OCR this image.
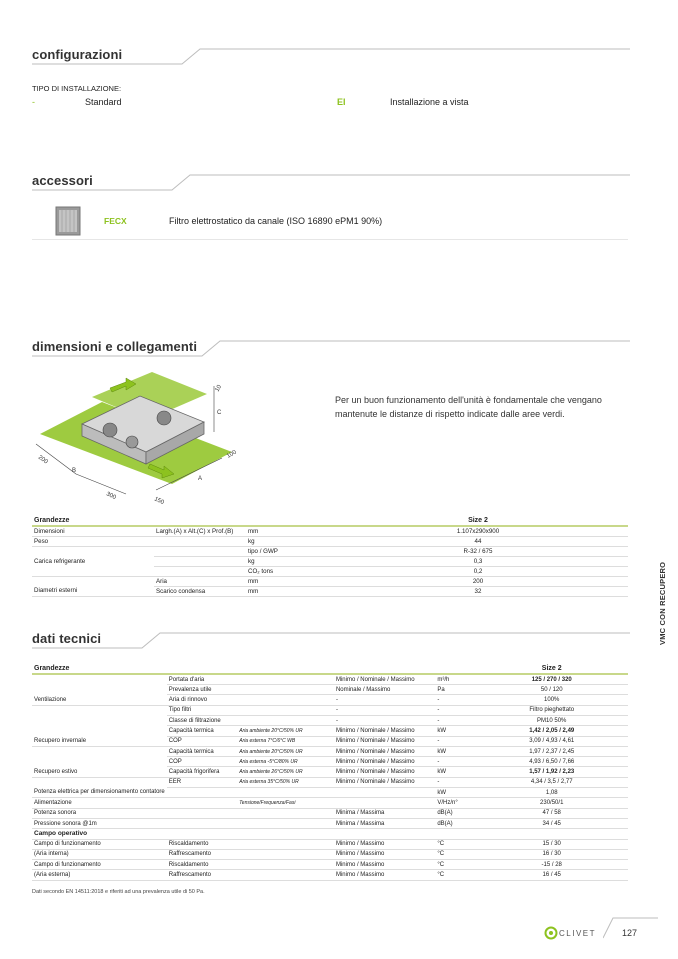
configurazioni
TIPO DI INSTALLAZIONE:
-	Standard	EI	Installazione a vista
accessori
FECX	Filtro elettrostatico da canale (ISO 16890 ePM1 90%)
dimensioni e collegamenti
200
B
300
A
100
150
10
C
Per un buon funzionamento dell'unità è fondamentale che vengano mantenute le distanze di rispetto indicate dalle aree verdi.
Grandezze			Size 2
Dimensioni	Largh.(A) x Alt.(C) x Prof.(B)	mm	1.107x290x900
Peso		kg	44
		tipo / GWP	R-32 / 675
Carica refrigerante		kg	0,3
		CO₂ tons	0,2
	Aria	mm	200
Diametri esterni	Scarico condensa	mm	32
dati tecnici
Grandezze					Size 2
	Portata d'aria		Minimo / Nominale / Massimo	m³/h	125 / 270 / 320
	Prevalenza utile		Nominale / Massimo	Pa	50 / 120
Ventilazione	Aria di rinnovo		-	-	100%
	Tipo filtri		-	-	Filtro pieghettato
	Classe di filtrazione		-	-	PM10 50%
	Capacità termica	Aria ambiente 20°C/50% UR	Minimo / Nominale / Massimo	kW	1,42 / 2,05 / 2,49
Recupero invernale	COP	Aria esterna 7°C/6°C WB	Minimo / Nominale / Massimo	-	3,09 / 4,93 / 4,61
	Capacità termica	Aria ambiente 20°C/50% UR	Minimo / Nominale / Massimo	kW	1,97 / 2,37 / 2,45
	COP	Aria esterna -5°C/80% UR	Minimo / Nominale / Massimo	-	4,93 / 6,50 / 7,66
Recupero estivo	Capacità frigorifera	Aria ambiente 26°C/50% UR	Minimo / Nominale / Massimo	kW	1,57 / 1,92 / 2,23
	EER	Aria esterna 35°C/50% UR	Minimo / Nominale / Massimo	-	4,34 / 3,5 / 2,77
Potenza elettrica per dimensionamento contatore				kW	1,08
Alimentazione		Tensione/Frequenza/Fasi		V/Hz/n°	230/50/1
Potenza sonora			Minima / Massima	dB(A)	47 / 58
Pressione sonora @1m			Minima / Massima	dB(A)	34 / 45
Campo operativo					
Campo di funzionamento	Riscaldamento		Minimo / Massimo	°C	15 / 30
(Aria interna)	Raffrescamento		Minimo / Massimo	°C	16 / 30
Campo di funzionamento	Riscaldamento		Minimo / Massimo	°C	-15 / 28
(Aria esterna)	Raffrescamento		Minimo / Massimo	°C	16 / 45
Dati secondo EN 14511:2018 e riferiti ad una prevalenza utile di 50 Pa.
VMC CON RECUPERO
CLIVET	127
